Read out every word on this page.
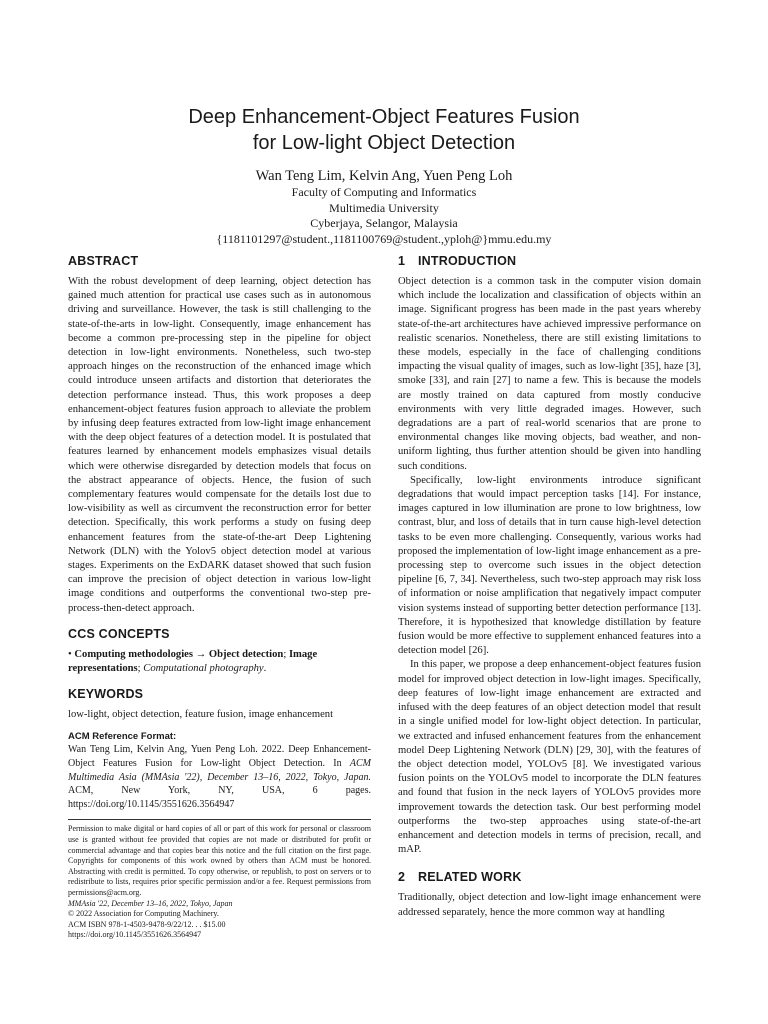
Deep Enhancement-Object Features Fusion

for Low-light Object Detection

Wan Teng Lim, Kelvin Ang, Yuen Peng Loh
Faculty of Computing and Informatics
Multimedia University
Cyberjaya, Selangor, Malaysia
{1181101297@student.,1181100769@student.,yploh@}mmu.edu.my
ABSTRACT

With the robust development of deep learning, object detection has gained much attention for practical use cases such as in autonomous driving and surveillance. However, the task is still challenging to the state-of-the-arts in low-light. Consequently, image enhancement has become a common pre-processing step in the pipeline for object detection in low-light environments. Nonetheless, such two-step approach hinges on the reconstruction of the enhanced image which could introduce unseen artifacts and distortion that deteriorates the detection performance instead. Thus, this work proposes a deep enhancement-object features fusion approach to alleviate the problem by infusing deep features extracted from low-light image enhancement with the deep object features of a detection model. It is postulated that features learned by enhancement models emphasizes visual details which were otherwise disregarded by detection models that focus on the abstract appearance of objects. Hence, the fusion of such complementary features would compensate for the details lost due to low-visibility as well as circumvent the reconstruction error for better detection. Specifically, this work performs a study on fusing deep enhancement features from the state-of-the-art Deep Lightening Network (DLN) with the Yolov5 object detection model at various stages. Experiments on the ExDARK dataset showed that such fusion can improve the precision of object detection in various low-light image conditions and outperforms the conventional two-step pre-process-then-detect approach.

CCS CONCEPTS

• Computing methodologies → Object detection; Image representations; Computational photography.

KEYWORDS

low-light, object detection, feature fusion, image enhancement

ACM Reference Format:

Wan Teng Lim, Kelvin Ang, Yuen Peng Loh. 2022. Deep Enhancement-Object Features Fusion for Low-light Object Detection. In ACM Multimedia Asia (MMAsia '22), December 13–16, 2022, Tokyo, Japan. ACM, New York, NY, USA, 6 pages. https://doi.org/10.1145/3551626.3564947

Permission to make digital or hard copies of all or part of this work for personal or classroom use is granted without fee provided that copies are not made or distributed for profit or commercial advantage and that copies bear this notice and the full citation on the first page. Copyrights for components of this work owned by others than ACM must be honored. Abstracting with credit is permitted. To copy otherwise, or republish, to post on servers or to redistribute to lists, requires prior specific permission and/or a fee. Request permissions from permissions@acm.org.

MMAsia '22, December 13–16, 2022, Tokyo, Japan

© 2022 Association for Computing Machinery.

ACM ISBN 978-1-4503-9478-9/22/12. . . $15.00

https://doi.org/10.1145/3551626.3564947

1 INTRODUCTION

Object detection is a common task in the computer vision domain which include the localization and classification of objects within an image. Significant progress has been made in the past years whereby state-of-the-art architectures have achieved impressive performance on realistic scenarios. Nonetheless, there are still existing limitations to these models, especially in the face of challenging conditions impacting the visual quality of images, such as low-light [35], haze [3], smoke [33], and rain [27] to name a few. This is because the models are mostly trained on data captured from mostly conducive environments with very little degraded images. However, such degradations are a part of real-world scenarios that are prone to environmental changes like moving objects, bad weather, and non-uniform lighting, thus further attention should be given into handling such conditions.

Specifically, low-light environments introduce significant degradations that would impact perception tasks [14]. For instance, images captured in low illumination are prone to low brightness, low contrast, blur, and loss of details that in turn cause high-level detection tasks to be even more challenging. Consequently, various works had proposed the implementation of low-light image enhancement as a pre-processing step to overcome such issues in the object detection pipeline [6, 7, 34]. Nevertheless, such two-step approach may risk loss of information or noise amplification that negatively impact computer vision systems instead of supporting better detection performance [13]. Therefore, it is hypothesized that knowledge distillation by feature fusion would be more effective to supplement enhanced features into a detection model [26].

In this paper, we propose a deep enhancement-object features fusion model for improved object detection in low-light images. Specifically, deep features of low-light image enhancement are extracted and infused with the deep features of an object detection model that result in a single unified model for low-light object detection. In particular, we extracted and infused enhancement features from the enhancement model Deep Lightening Network (DLN) [29, 30], with the features of the object detection model, YOLOv5 [8]. We investigated various fusion points on the YOLOv5 model to incorporate the DLN features and found that fusion in the neck layers of YOLOv5 provides more improvement towards the detection task. Our best performing model outperforms the two-step approaches using state-of-the-art enhancement and detection models in terms of precision, recall, and mAP.

2 RELATED WORK

Traditionally, object detection and low-light image enhancement were addressed separately, hence the more common way at handling
